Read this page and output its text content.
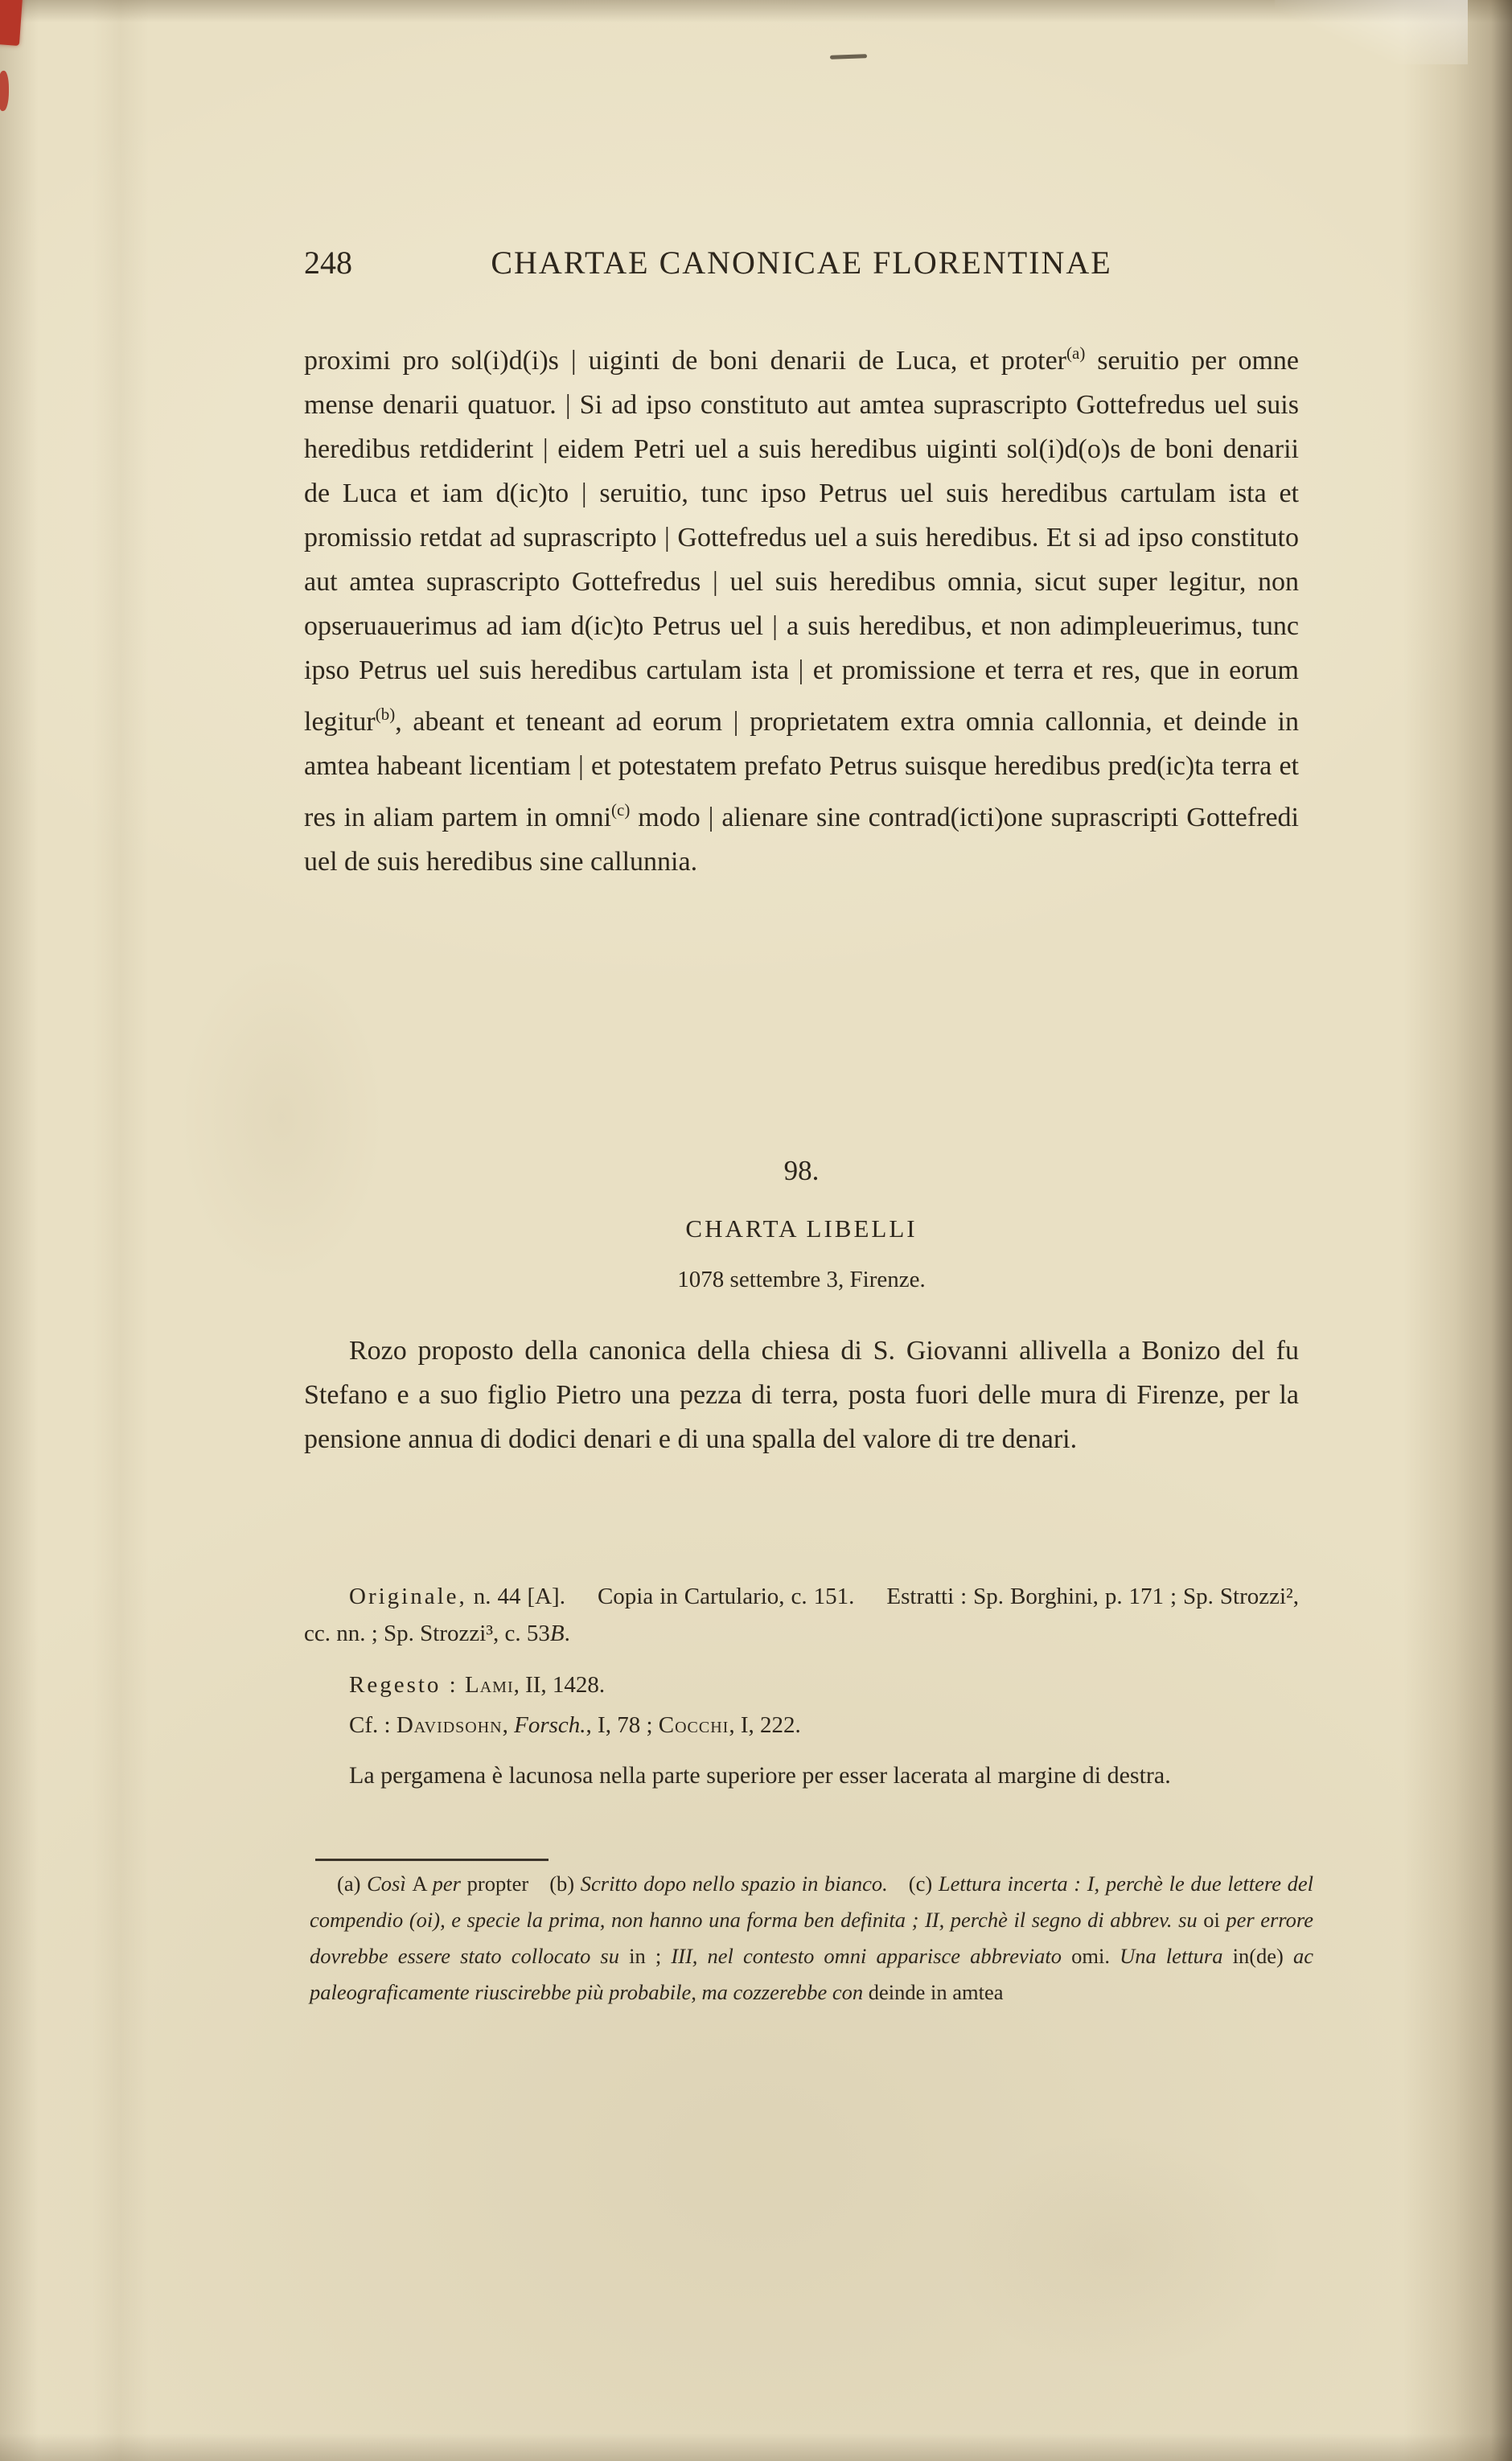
248	CHARTAE CANONICAE FLORENTINAE

proximi pro sol(i)d(i)s | uiginti de boni denarii de Luca, et proter$^{(a)}$ seruitio per omne mense denarii quatuor. | Si ad ipso constituto aut amtea suprascripto Gottefredus uel suis heredibus retdiderint | eidem Petri uel a suis heredibus uiginti sol(i)d(o)s de boni denarii de Luca et iam d(ic)to | seruitio, tunc ipso Petrus uel suis heredibus cartulam ista et promissio retdat ad suprascripto | Gottefredus uel a suis heredibus. Et si ad ipso constituto aut amtea suprascripto Gottefredus | uel suis heredibus omnia, sicut super legitur, non opseruauerimus ad iam d(ic)to Petrus uel | a suis heredibus, et non adimpleuerimus, tunc ipso Petrus uel suis heredibus cartulam ista | et promissione et terra et res, que in eorum legitur$^{(b)}$, abeant et teneant ad eorum | proprietatem extra omnia callonnia, et deinde in amtea habeant licentiam | et potestatem prefato Petrus suisque heredibus pred(ic)ta terra et res in aliam partem in omni$^{(c)}$ modo | alienare sine contrad(icti)one suprascripti Gottefredi uel de suis heredibus sine callunnia.

98.
CHARTA LIBELLI
1078 settembre 3, Firenze.

Rozo proposto della canonica della chiesa di S. Giovanni allivella a Bonizo del fu Stefano e a suo figlio Pietro una pezza di terra, posta fuori delle mura di Firenze, per la pensione annua di dodici denari e di una spalla del valore di tre denari.

Originale, n. 44 [A]. Copia in Cartulario, c. 151. Estratti : Sp. Borghini, p. 171 ; Sp. Strozzi², cc. nn. ; Sp. Strozzi³, c. 53B.

Regesto : Lami, II, 1428.

Cf. : Davidsohn, Forsch., I, 78 ; Cocchi, I, 222.

La pergamena è lacunosa nella parte superiore per esser lacerata al margine di destra.

(a) Così A per propter (b) Scritto dopo nello spazio in bianco. (c) Lettura incerta : I, perchè le due lettere del compendio (oi), e specie la prima, non hanno una forma ben definita ; II, perchè il segno di abbrev. su oi per errore dovrebbe essere stato collocato su in ; III, nel contesto omni apparisce abbreviato omi. Una lettura in(de) ac paleograficamente riuscirebbe più probabile, ma cozzerebbe con deinde in amtea
